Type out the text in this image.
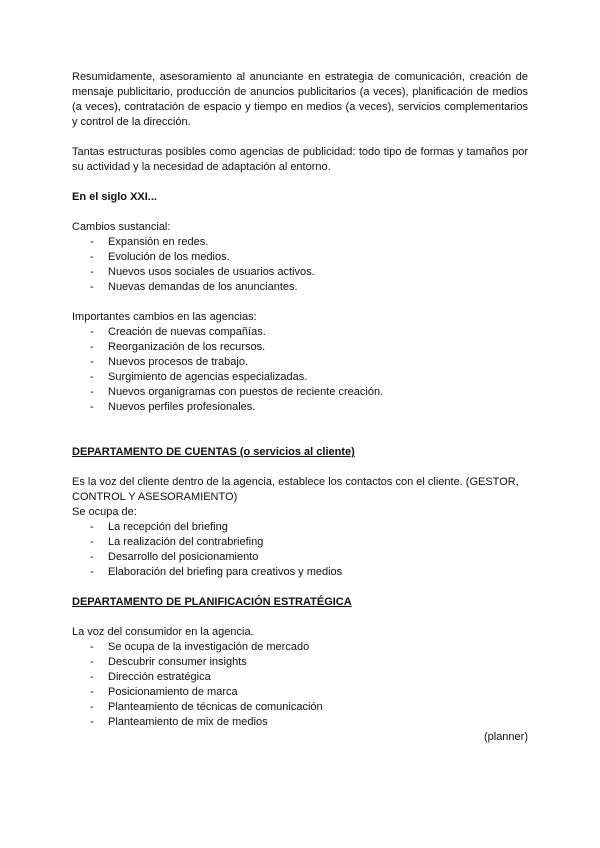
Resumidamente, asesoramiento al anunciante en estrategia de comunicación, creación de mensaje publicitario, producción de anuncios publicitarios (a veces), planificación de medios (a veces), contratación de espacio y tiempo en medios (a veces), servicios complementarios y control de la dirección.

Tantas estructuras posibles como agencias de publicidad: todo tipo de formas y tamaños por su actividad y la necesidad de adaptación al entorno.

En el siglo XXI...

Cambios sustancial:

- Expansión en redes.
- Evolución de los medios.
- Nuevos usos sociales de usuarios activos.
- Nuevas demandas de los anunciantes.

Importantes cambios en las agencias:

- Creación de nuevas compañías.
- Reorganización de los recursos.
- Nuevos procesos de trabajo.
- Surgimiento de agencias especializadas.
- Nuevos organigramas con puestos de reciente creación.
- Nuevos perfiles profesionales.

DEPARTAMENTO DE CUENTAS (o servicios al cliente)

Es la voz del cliente dentro de la agencia, establece los contactos con el cliente. (GESTOR, CONTROL Y ASESORAMIENTO)

Se ocupa de:

- La recepción del briefing
- La realización del contrabriefing
- Desarrollo del posicionamiento
- Elaboración del briefing para creativos y medios

DEPARTAMENTO DE PLANIFICACIÓN ESTRATÉGICA

La voz del consumidor en la agencia.

- Se ocupa de la investigación de mercado
- Descubrir consumer insights
- Dirección estratégica
- Posicionamiento de marca
- Planteamiento de técnicas de comunicación
- Planteamiento de mix de medios

(planner)
